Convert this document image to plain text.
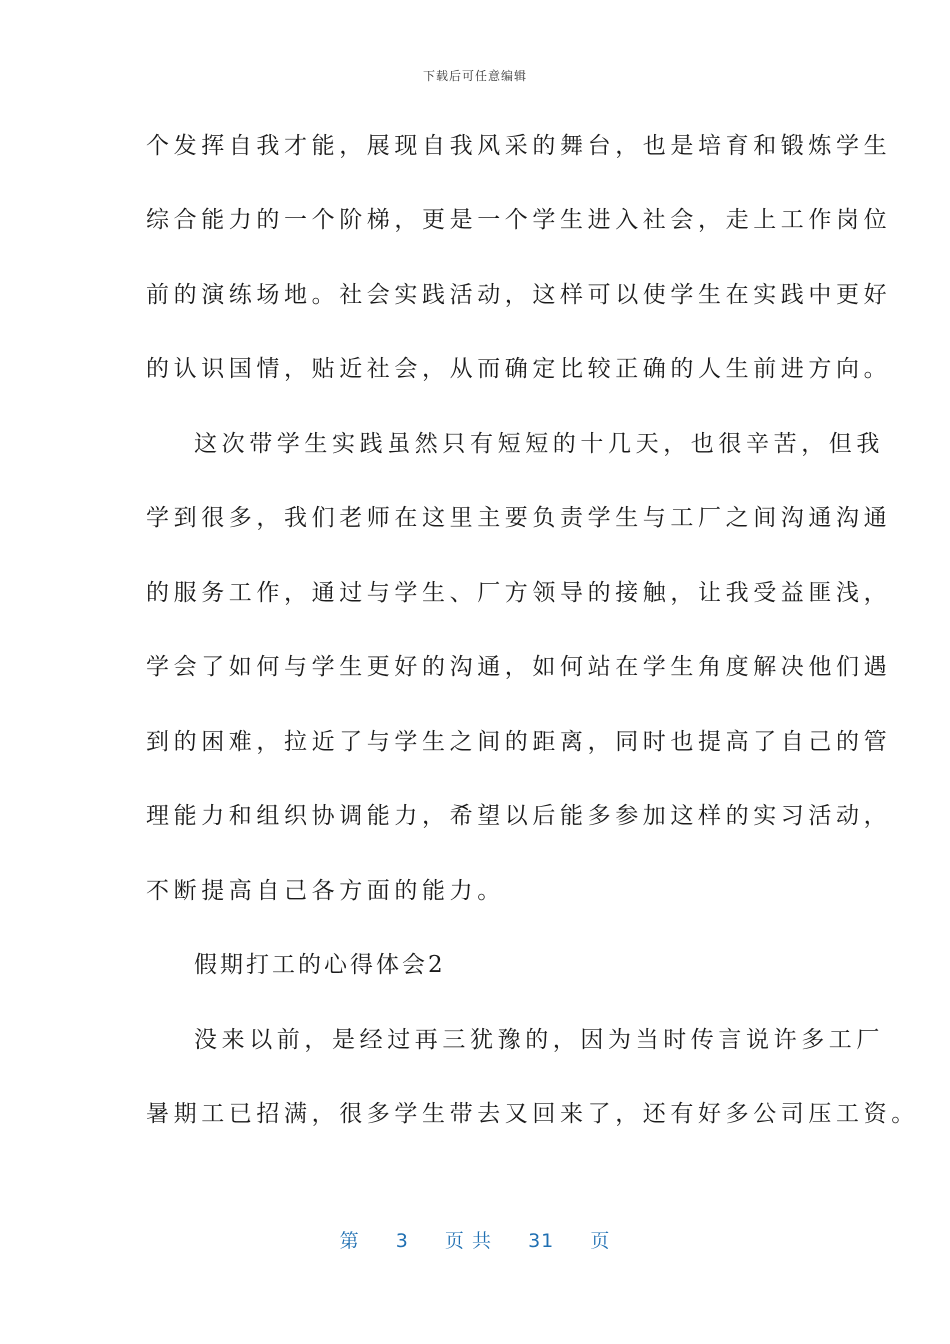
下载后可任意编辑
个发挥自我才能，展现自我风采的舞台，也是培育和锻炼学生
综合能力的一个阶梯，更是一个学生进入社会，走上工作岗位
前的演练场地。社会实践活动，这样可以使学生在实践中更好
的认识国情，贴近社会，从而确定比较正确的人生前进方向。
这次带学生实践虽然只有短短的十几天，也很辛苦，但我
学到很多，我们老师在这里主要负责学生与工厂之间沟通沟通
的服务工作，通过与学生、厂方领导的接触，让我受益匪浅，
学会了如何与学生更好的沟通，如何站在学生角度解决他们遇
到的困难，拉近了与学生之间的距离，同时也提高了自己的管
理能力和组织协调能力，希望以后能多参加这样的实习活动，
不断提高自己各方面的能力。
假期打工的心得体会2
没来以前，是经过再三犹豫的，因为当时传言说许多工厂
暑期工已招满，很多学生带去又回来了，还有好多公司压工资。
第 3 页 共 31 页
